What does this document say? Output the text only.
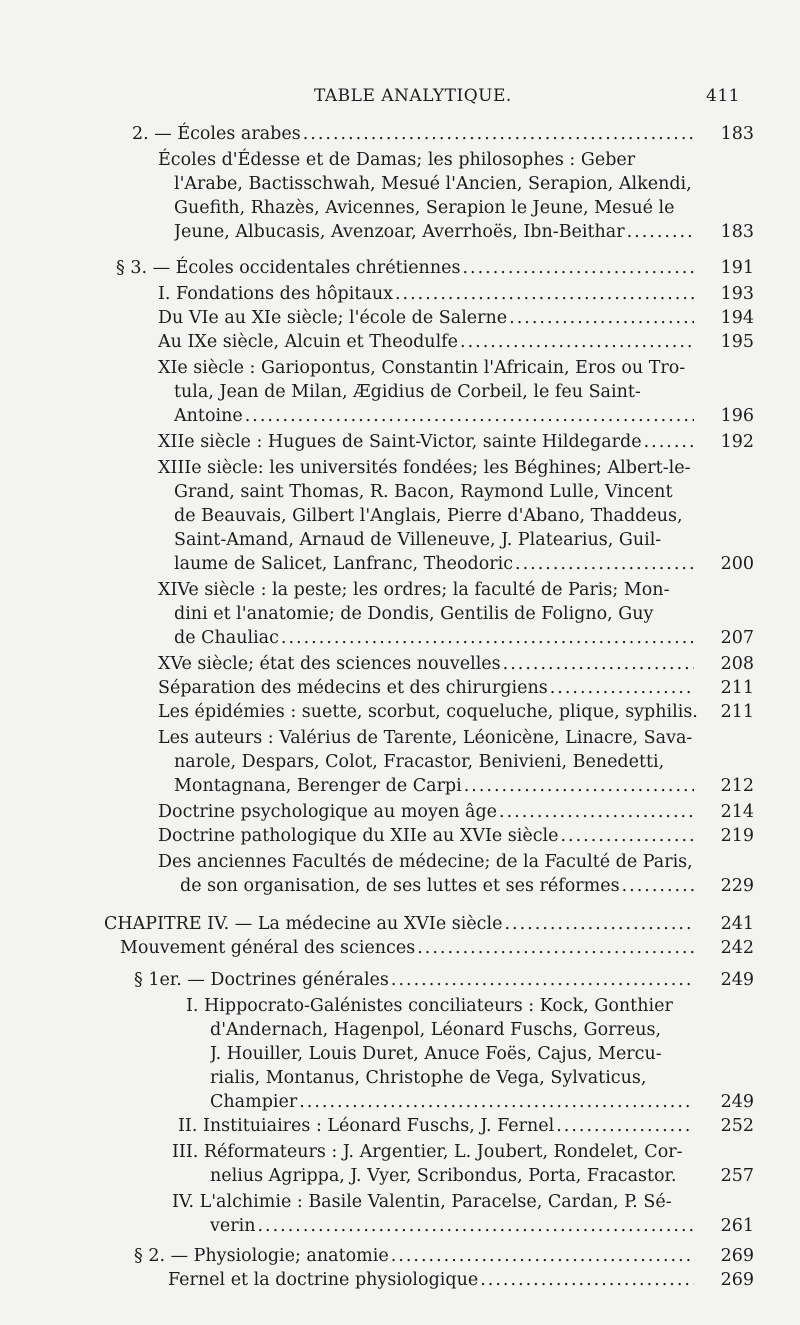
TABLE ANALYTIQUE.	411
2. — Écoles arabes .....	183
Écoles d'Édesse et de Damas; les philosophes : Geber
l'Arabe, Bactisschwah, Mesué l'Ancien, Serapion, Alkendi,
Guefith, Rhazès, Avicennes, Serapion le Jeune, Mesué le
Jeune, Albucasis, Avenzoar, Averrhoës, Ibn-Beithar .....	183
§ 3. — Écoles occidentales chrétiennes .....	191
I. Fondations des hôpitaux .....	193
Du VIe au XIe siècle; l'école de Salerne .....	194
Au IXe siècle, Alcuin et Theodulfe .....	195
XIe siècle : Gariopontus, Constantin l'Africain, Eros ou Tro-
tula, Jean de Milan, Ægidius de Corbeil, le feu Saint-
Antoine .....	196
XIIe siècle : Hugues de Saint-Victor, sainte Hildegarde .....	192
XIIIe siècle: les universités fondées; les Béghines; Albert-le-
Grand, saint Thomas, R. Bacon, Raymond Lulle, Vincent
de Beauvais, Gilbert l'Anglais, Pierre d'Abano, Thaddeus,
Saint-Amand, Arnaud de Villeneuve, J. Platearius, Guil-
laume de Salicet, Lanfranc, Theodoric .....	200
XIVe siècle : la peste; les ordres; la faculté de Paris; Mon-
dini et l'anatomie; de Dondis, Gentilis de Foligno, Guy
de Chauliac .....	207
XVe siècle; état des sciences nouvelles .....	208
Séparation des médecins et des chirurgiens .....	211
Les épidémies : suette, scorbut, coqueluche, plique, syphilis.	211
Les auteurs : Valérius de Tarente, Léonicène, Linacre, Sava-
narole, Despars, Colot, Fracastor, Benivieni, Benedetti,
Montagnana, Berenger de Carpi .....	212
Doctrine psychologique au moyen âge .....	214
Doctrine pathologique du XIIe au XVIe siècle .....	219
Des anciennes Facultés de médecine; de la Faculté de Paris,
de son organisation, de ses luttes et ses réformes .....	229
CHAPITRE IV. — La médecine au XVIe siècle .....	241
Mouvement général des sciences .....	242
§ 1er. — Doctrines générales .....	249
I. Hippocrato-Galénistes conciliateurs : Kock, Gonthier
d'Andernach, Hagenpol, Léonard Fuschs, Gorreus,
J. Houiller, Louis Duret, Anuce Foës, Cajus, Mercu-
rialis, Montanus, Christophe de Vega, Sylvaticus,
Champier .....	249
II. Instituiaires : Léonard Fuschs, J. Fernel .....	252
III. Réformateurs : J. Argentier, L. Joubert, Rondelet, Cor-
nelius Agrippa, J. Vyer, Scribondus, Porta, Fracastor.	257
IV. L'alchimie : Basile Valentin, Paracelse, Cardan, P. Sé-
verin .....	261
§ 2. — Physiologie; anatomie .....	269
Fernel et la doctrine physiologique .....	269
